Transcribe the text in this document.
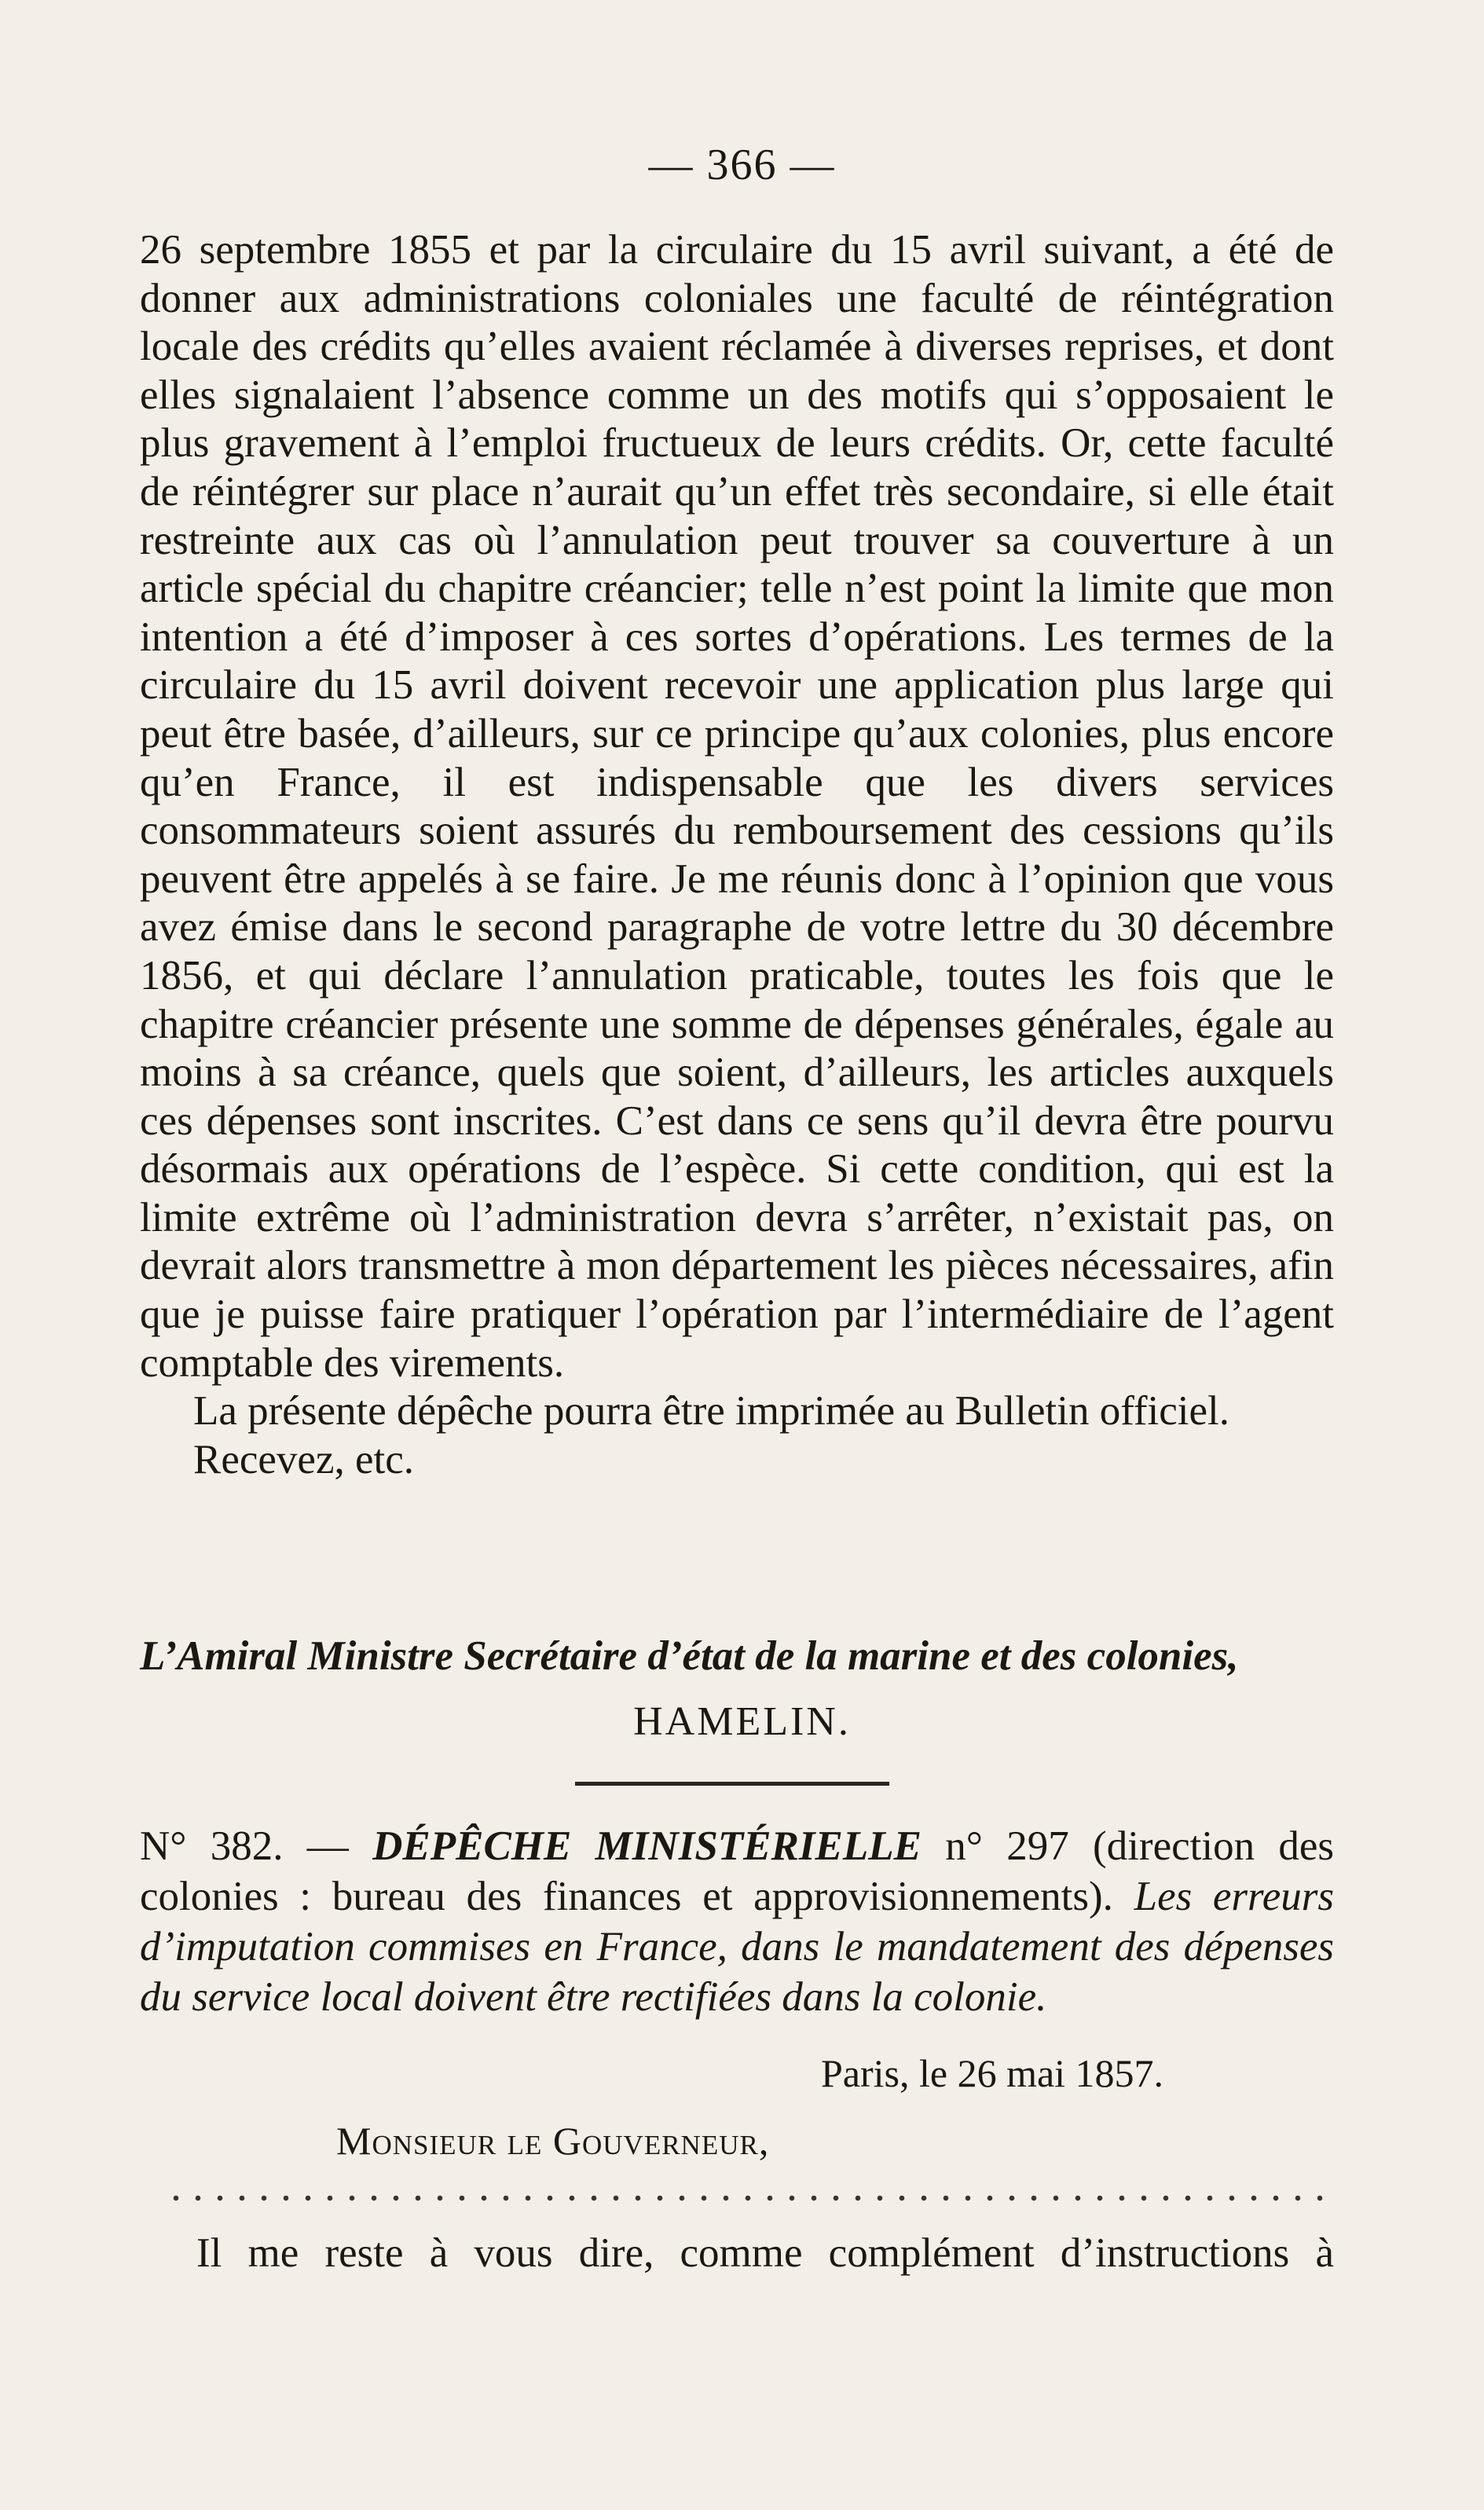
— 366 —

26 septembre 1855 et par la circulaire du 15 avril suivant, a été de donner aux administrations coloniales une faculté de réintégration locale des crédits qu’elles avaient réclamée à diverses reprises, et dont elles signalaient l’absence comme un des motifs qui s’opposaient le plus gravement à l’emploi fructueux de leurs crédits. Or, cette faculté de réintégrer sur place n’aurait qu’un effet très secondaire, si elle était restreinte aux cas où l’annulation peut trouver sa couverture à un article spécial du chapitre créancier; telle n’est point la limite que mon intention a été d’imposer à ces sortes d’opérations. Les termes de la circulaire du 15 avril doivent recevoir une application plus large qui peut être basée, d’ailleurs, sur ce principe qu’aux colonies, plus encore qu’en France, il est indispensable que les divers services consommateurs soient assurés du remboursement des cessions qu’ils peuvent être appelés à se faire. Je me réunis donc à l’opinion que vous avez émise dans le second paragraphe de votre lettre du 30 décembre 1856, et qui déclare l’annulation praticable, toutes les fois que le chapitre créancier présente une somme de dépenses générales, égale au moins à sa créance, quels que soient, d’ailleurs, les articles auxquels ces dépenses sont inscrites. C’est dans ce sens qu’il devra être pourvu désormais aux opérations de l’espèce. Si cette condition, qui est la limite extrême où l’administration devra s’arrêter, n’existait pas, on devrait alors transmettre à mon département les pièces nécessaires, afin que je puisse faire pratiquer l’opération par l’intermédiaire de l’agent comptable des virements.

La présente dépêche pourra être imprimée au Bulletin officiel.

Recevez, etc.

L’Amiral Ministre Secrétaire d’état de la marine et des colonies,
HAMELIN.
N° 382. — DÉPÊCHE MINISTÉRIELLE n° 297 (direction des colonies : bureau des finances et approvisionnements). Les erreurs d’imputation commises en France, dans le mandatement des dépenses du service local doivent être rectifiées dans la colonie.
Paris, le 26 mai 1857.
Monsieur le Gouverneur,
Il me reste à vous dire, comme complément d’instructions à
